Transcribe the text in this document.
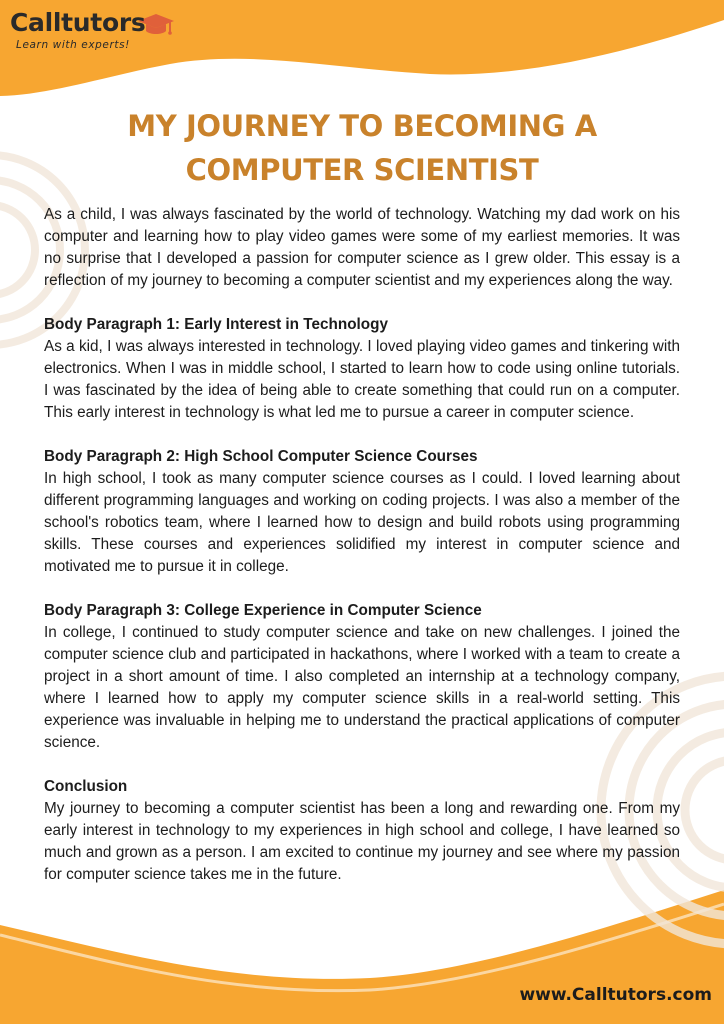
Calltutors
Learn with experts!
MY JOURNEY TO BECOMING A
COMPUTER SCIENTIST

As a child, I was always fascinated by the world of technology. Watching my dad work on his computer and learning how to play video games were some of my earliest memories. It was no surprise that I developed a passion for computer science as I grew older. This essay is a reflection of my journey to becoming a computer scientist and my experiences along the way.

Body Paragraph 1: Early Interest in Technology

As a kid, I was always interested in technology. I loved playing video games and tinkering with electronics. When I was in middle school, I started to learn how to code using online tutorials. I was fascinated by the idea of being able to create something that could run on a computer. This early interest in technology is what led me to pursue a career in computer science.

Body Paragraph 2: High School Computer Science Courses

In high school, I took as many computer science courses as I could. I loved learning about different programming languages and working on coding projects. I was also a member of the school's robotics team, where I learned how to design and build robots using programming skills. These courses and experiences solidified my interest in computer science and motivated me to pursue it in college.

Body Paragraph 3: College Experience in Computer Science

In college, I continued to study computer science and take on new challenges. I joined the computer science club and participated in hackathons, where I worked with a team to create a project in a short amount of time. I also completed an internship at a technology company, where I learned how to apply my computer science skills in a real-world setting. This experience was invaluable in helping me to understand the practical applications of computer science.

Conclusion

My journey to becoming a computer scientist has been a long and rewarding one. From my early interest in technology to my experiences in high school and college, I have learned so much and grown as a person. I am excited to continue my journey and see where my passion for computer science takes me in the future.

www.Calltutors.com
